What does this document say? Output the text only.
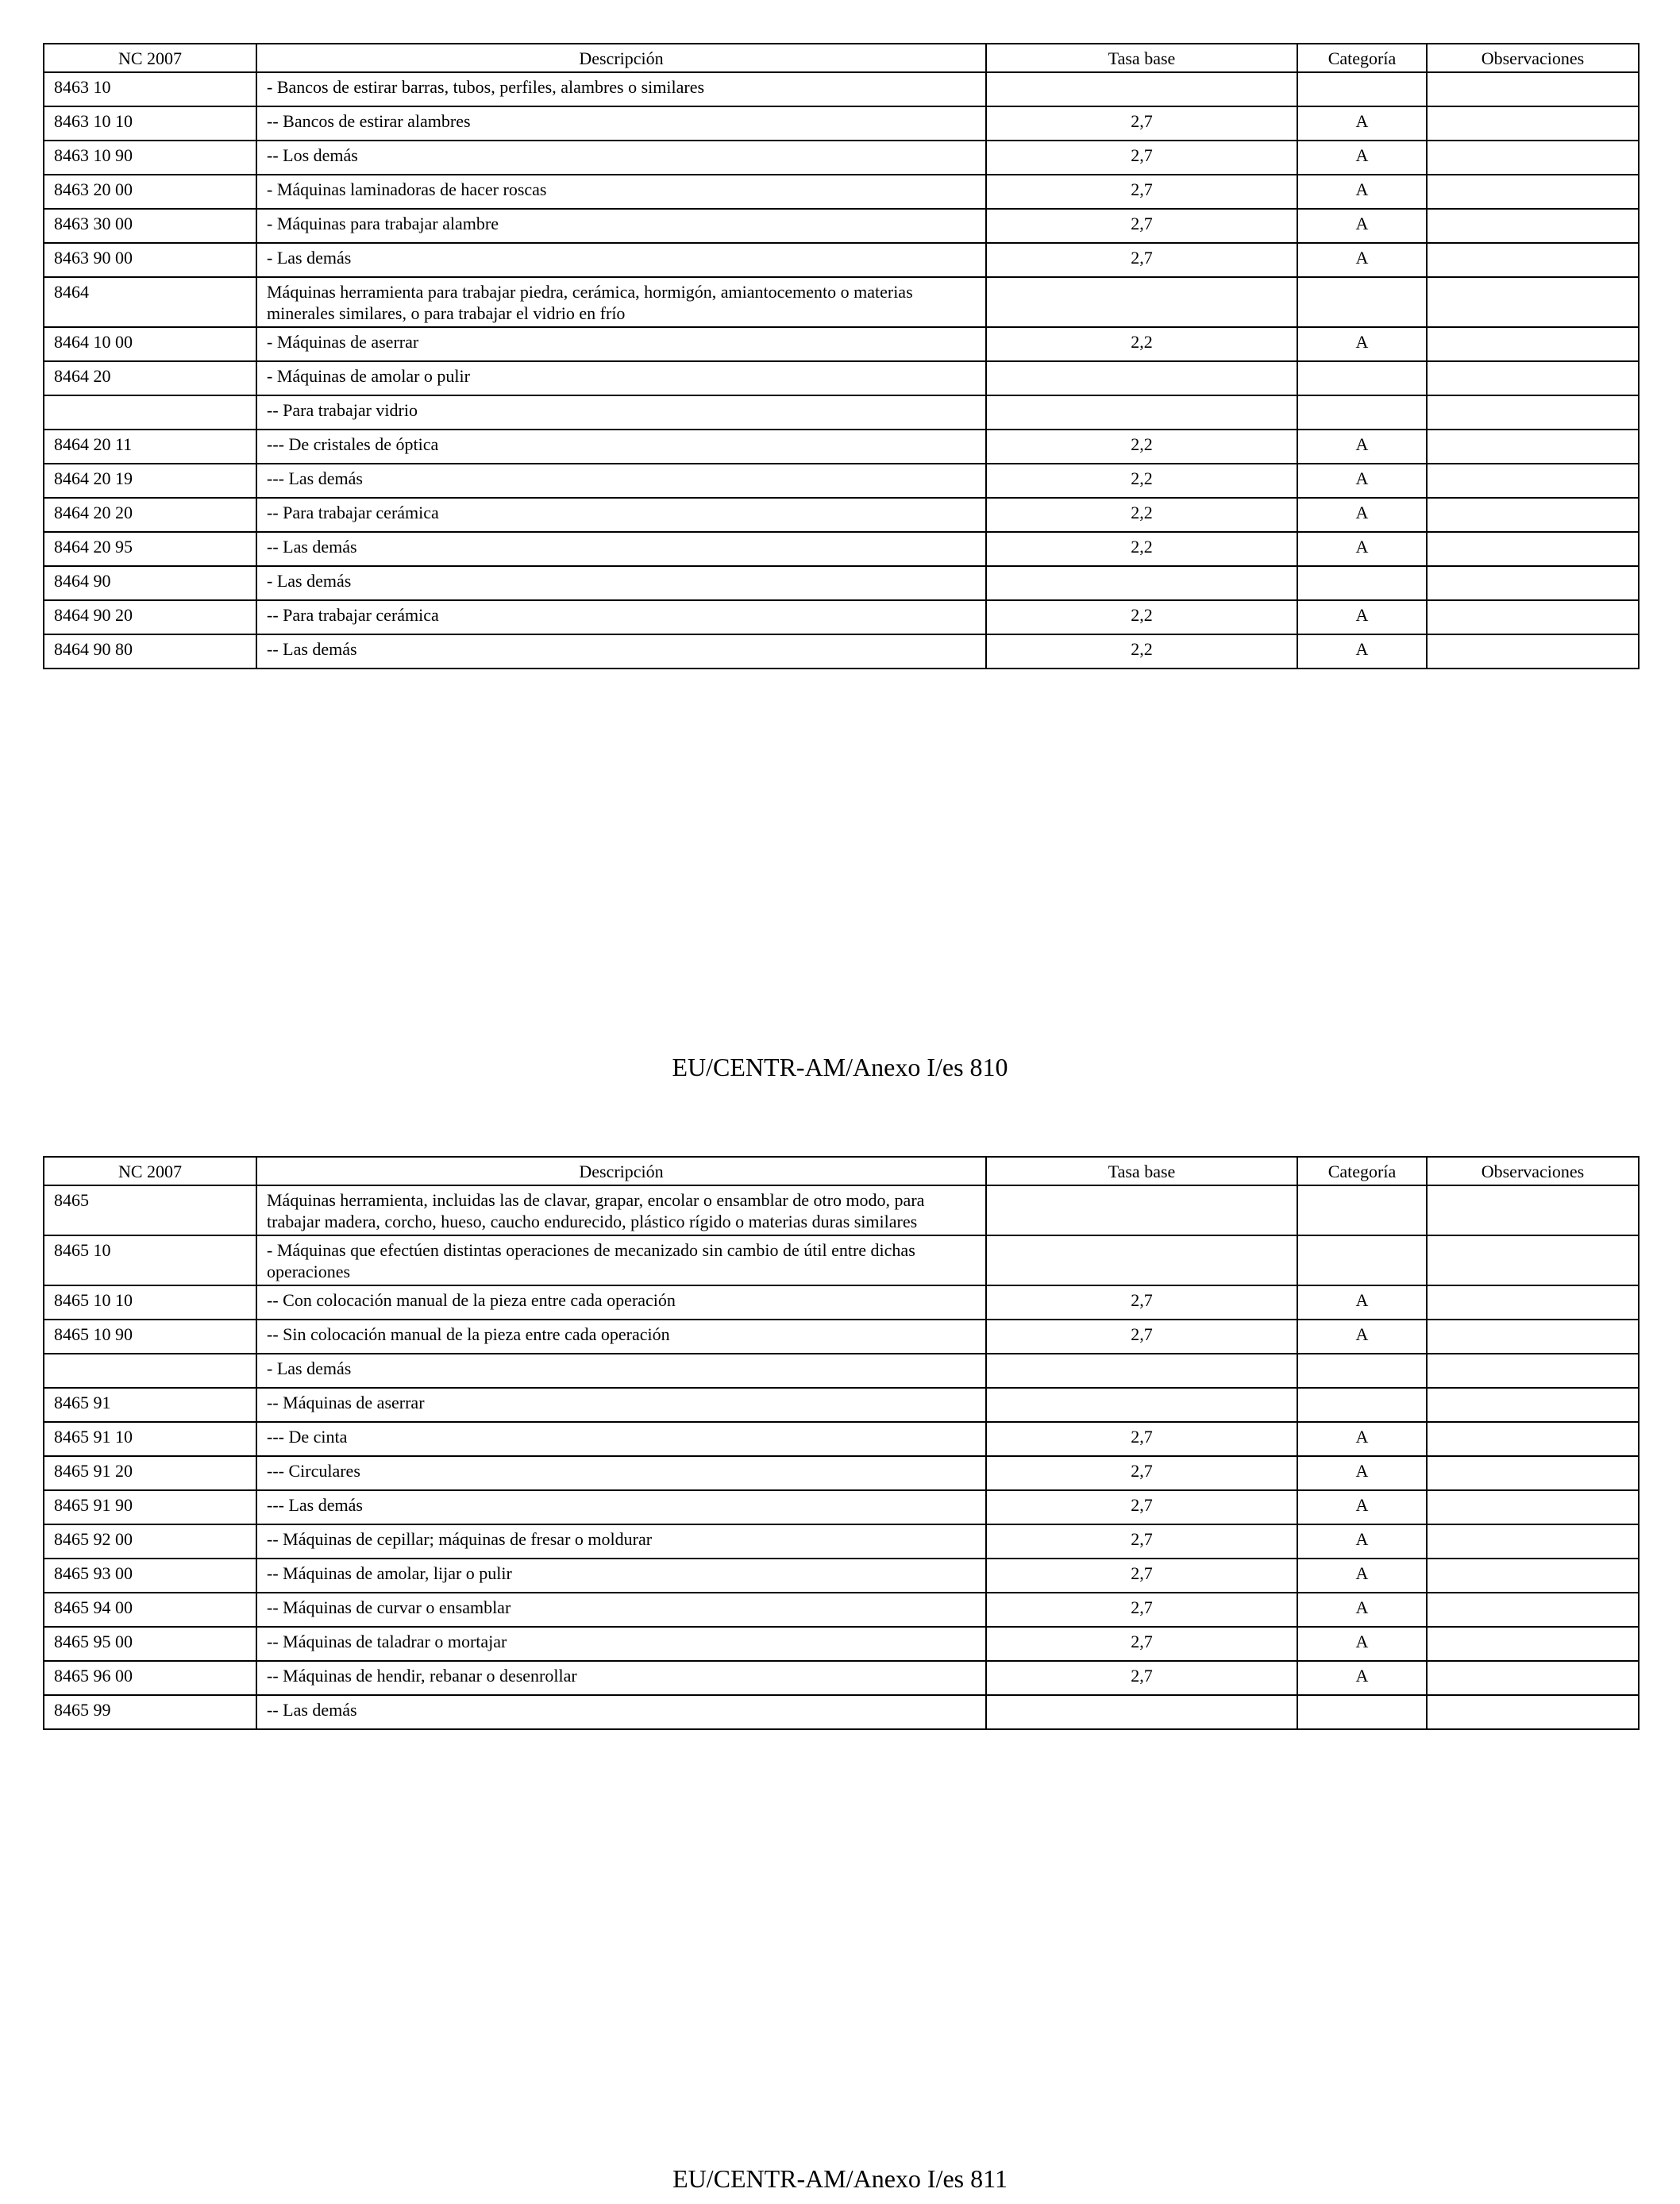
NC 2007	Descripción	Tasa base	Categoría	Observaciones
8463 10	- Bancos de estirar barras, tubos, perfiles, alambres o similares			
8463 10 10	-- Bancos de estirar alambres	2,7	A	
8463 10 90	-- Los demás	2,7	A	
8463 20 00	- Máquinas laminadoras de hacer roscas	2,7	A	
8463 30 00	- Máquinas para trabajar alambre	2,7	A	
8463 90 00	- Las demás	2,7	A	
8464	Máquinas herramienta para trabajar piedra, cerámica, hormigón, amiantocemento o materias minerales similares, o para trabajar el vidrio en frío			
8464 10 00	- Máquinas de aserrar	2,2	A	
8464 20	- Máquinas de amolar o pulir			
	-- Para trabajar vidrio			
8464 20 11	--- De cristales de óptica	2,2	A	
8464 20 19	--- Las demás	2,2	A	
8464 20 20	-- Para trabajar cerámica	2,2	A	
8464 20 95	-- Las demás	2,2	A	
8464 90	- Las demás			
8464 90 20	-- Para trabajar cerámica	2,2	A	
8464 90 80	-- Las demás	2,2	A	
EU/CENTR-AM/Anexo I/es 810
NC 2007	Descripción	Tasa base	Categoría	Observaciones
8465	Máquinas herramienta, incluidas las de clavar, grapar, encolar o ensamblar de otro modo, para trabajar madera, corcho, hueso, caucho endurecido, plástico rígido o materias duras similares			
8465 10	- Máquinas que efectúen distintas operaciones de mecanizado sin cambio de útil entre dichas operaciones			
8465 10 10	-- Con colocación manual de la pieza entre cada operación	2,7	A	
8465 10 90	-- Sin colocación manual de la pieza entre cada operación	2,7	A	
	- Las demás			
8465 91	-- Máquinas de aserrar			
8465 91 10	--- De cinta	2,7	A	
8465 91 20	--- Circulares	2,7	A	
8465 91 90	--- Las demás	2,7	A	
8465 92 00	-- Máquinas de cepillar; máquinas de fresar o moldurar	2,7	A	
8465 93 00	-- Máquinas de amolar, lijar o pulir	2,7	A	
8465 94 00	-- Máquinas de curvar o ensamblar	2,7	A	
8465 95 00	-- Máquinas de taladrar o mortajar	2,7	A	
8465 96 00	-- Máquinas de hendir, rebanar o desenrollar	2,7	A	
8465 99	-- Las demás			
EU/CENTR-AM/Anexo I/es 811
